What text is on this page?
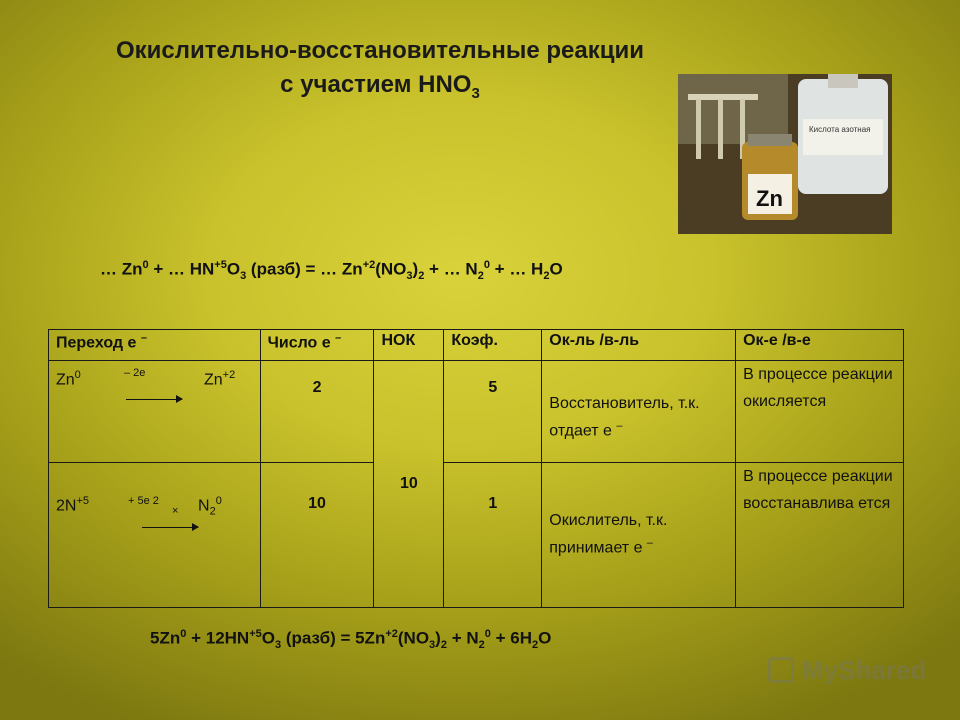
Окислительно-восстановительные реакции
с участием $HNO_3$
Кислота азотная
Zn
… $Zn^0$ + … $HN^{+5}O_3$ (разб) = … $Zn^{+2}(NO_3)_2$ + … $N_2^0$ + … $H_2O$
Переход е –	Число е –	НОК	Коэф.	Ок-ль /в-ль	Ок-е /в-е

Zn$^0$ – 2е $Zn^{+2}$	2	10	5	Восстановитель, т.к. отдает е –	В процессе реакции окисляется

$2N^{+5} + 5е$ 2
× $N_2^0$	10		1	Окислитель, т.к. принимает е –	В процессе реакции восстанавлива ется
$5Zn^0 + 12HN^{+5}O_3$ (разб) = $5Zn^{+2}(NO_3)_2 + N_2^0 + 6H_2O$
MyShared
